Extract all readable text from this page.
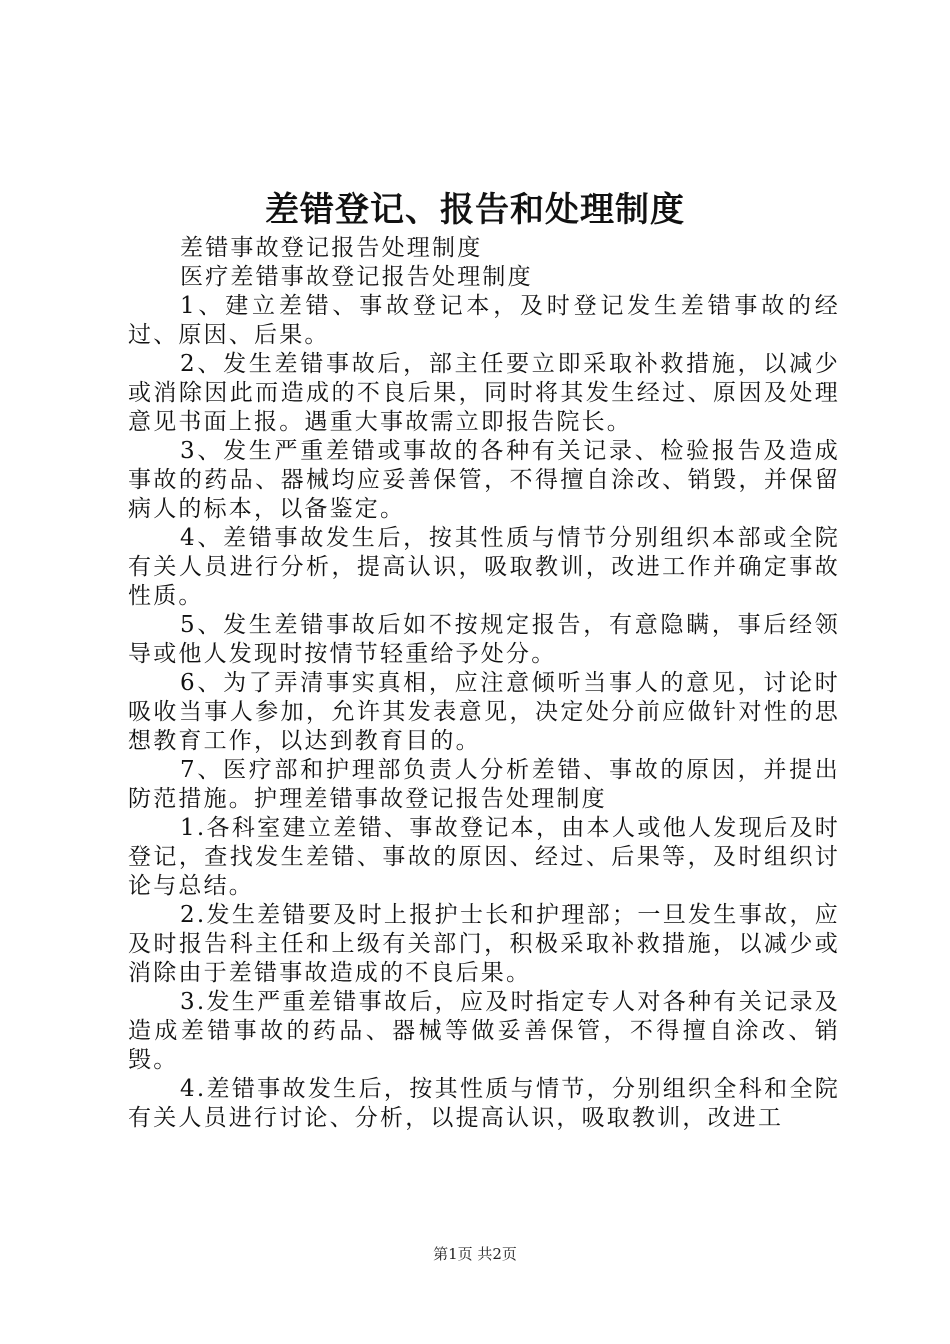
差错登记、报告和处理制度

差错事故登记报告处理制度

医疗差错事故登记报告处理制度

1、建立差错、事故登记本，及时登记发生差错事故的经过、原因、后果。

2、发生差错事故后，部主任要立即采取补救措施，以减少或消除因此而造成的不良后果，同时将其发生经过、原因及处理意见书面上报。遇重大事故需立即报告院长。

3、发生严重差错或事故的各种有关记录、检验报告及造成事故的药品、器械均应妥善保管，不得擅自涂改、销毁，并保留病人的标本，以备鉴定。

4、差错事故发生后，按其性质与情节分别组织本部或全院有关人员进行分析，提高认识，吸取教训，改进工作并确定事故性质。

5、发生差错事故后如不按规定报告，有意隐瞒，事后经领导或他人发现时按情节轻重给予处分。

6、为了弄清事实真相，应注意倾听当事人的意见，讨论时吸收当事人参加，允许其发表意见，决定处分前应做针对性的思想教育工作，以达到教育目的。

7、医疗部和护理部负责人分析差错、事故的原因，并提出防范措施。护理差错事故登记报告处理制度

1.各科室建立差错、事故登记本，由本人或他人发现后及时登记，查找发生差错、事故的原因、经过、后果等，及时组织讨论与总结。

2.发生差错要及时上报护士长和护理部；一旦发生事故，应及时报告科主任和上级有关部门，积极采取补救措施，以减少或消除由于差错事故造成的不良后果。

3.发生严重差错事故后，应及时指定专人对各种有关记录及造成差错事故的药品、器械等做妥善保管，不得擅自涂改、销毁。

4.差错事故发生后，按其性质与情节，分别组织全科和全院有关人员进行讨论、分析，以提高认识，吸取教训，改进工

第1页 共2页
